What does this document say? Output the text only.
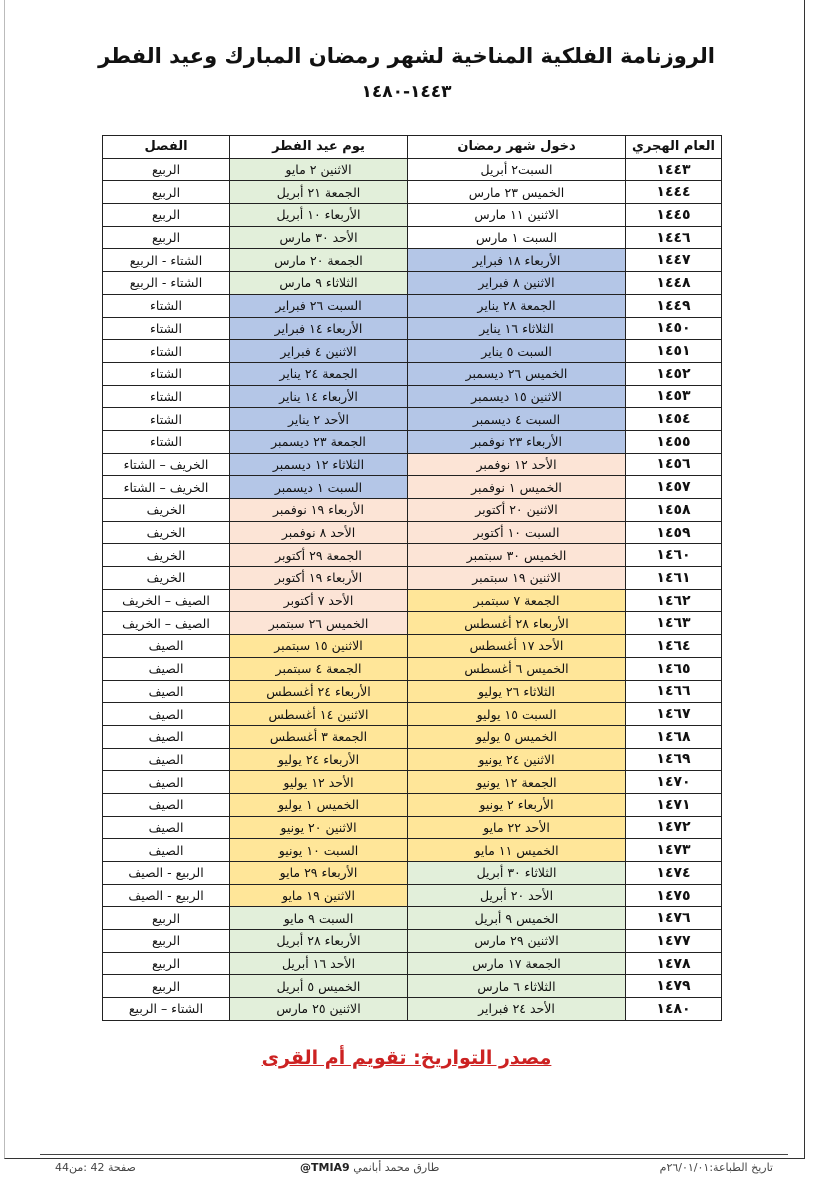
الروزنامة الفلكية المناخية لشهر رمضان المبارك وعيد الفطر
١٤٤٣-١٤٨٠
العام الهجري	دخول شهر رمضان	يوم عيد الفطر	الفصل
١٤٤٣	السبت٢ أبريل	الاثنين ٢ مايو	الربيع
١٤٤٤	الخميس ٢٣ مارس	الجمعة ٢١ أبريل	الربيع
١٤٤٥	الاثنين ١١ مارس	الأربعاء ١٠ أبريل	الربيع
١٤٤٦	السبت ١ مارس	الأحد ٣٠ مارس	الربيع
١٤٤٧	الأربعاء ١٨ فبراير	الجمعة ٢٠ مارس	الشتاء - الربيع
١٤٤٨	الاثنين ٨ فبراير	الثلاثاء ٩ مارس	الشتاء - الربيع
١٤٤٩	الجمعة ٢٨ يناير	السبت ٢٦ فبراير	الشتاء
١٤٥٠	الثلاثاء ١٦ يناير	الأربعاء ١٤ فبراير	الشتاء
١٤٥١	السبت ٥ يناير	الاثنين ٤ فبراير	الشتاء
١٤٥٢	الخميس ٢٦ ديسمبر	الجمعة ٢٤ يناير	الشتاء
١٤٥٣	الاثنين ١٥ ديسمبر	الأربعاء ١٤ يناير	الشتاء
١٤٥٤	السبت ٤ ديسمبر	الأحد ٢ يناير	الشتاء
١٤٥٥	الأربعاء ٢٣ نوفمبر	الجمعة ٢٣ ديسمبر	الشتاء
١٤٥٦	الأحد ١٢ نوفمبر	الثلاثاء ١٢ ديسمبر	الخريف – الشتاء
١٤٥٧	الخميس ١ نوفمبر	السبت ١ ديسمبر	الخريف – الشتاء
١٤٥٨	الاثنين ٢٠ أكتوبر	الأربعاء ١٩ نوفمبر	الخريف
١٤٥٩	السبت ١٠ أكتوبر	الأحد ٨ نوفمبر	الخريف
١٤٦٠	الخميس ٣٠ سبتمبر	الجمعة ٢٩ أكتوبر	الخريف
١٤٦١	الاثنين ١٩ سبتمبر	الأربعاء ١٩ أكتوبر	الخريف
١٤٦٢	الجمعة ٧ سبتمبر	الأحد ٧ أكتوبر	الصيف – الخريف
١٤٦٣	الأربعاء ٢٨ أغسطس	الخميس ٢٦ سبتمبر	الصيف – الخريف
١٤٦٤	الأحد ١٧ أغسطس	الاثنين ١٥ سبتمبر	الصيف
١٤٦٥	الخميس ٦ أغسطس	الجمعة ٤ سبتمبر	الصيف
١٤٦٦	الثلاثاء ٢٦ يوليو	الأربعاء ٢٤ أغسطس	الصيف
١٤٦٧	السبت ١٥ يوليو	الاثنين ١٤ أغسطس	الصيف
١٤٦٨	الخميس ٥ يوليو	الجمعة ٣ أغسطس	الصيف
١٤٦٩	الاثنين ٢٤ يونيو	الأربعاء ٢٤ يوليو	الصيف
١٤٧٠	الجمعة ١٢ يونيو	الأحد ١٢ يوليو	الصيف
١٤٧١	الأربعاء ٢ يونيو	الخميس ١ يوليو	الصيف
١٤٧٢	الأحد ٢٢ مايو	الاثنين ٢٠ يونيو	الصيف
١٤٧٣	الخميس ١١ مايو	السبت ١٠ يونيو	الصيف
١٤٧٤	الثلاثاء ٣٠ أبريل	الأربعاء ٢٩ مايو	الربيع - الصيف
١٤٧٥	الأحد ٢٠ أبريل	الاثنين ١٩ مايو	الربيع - الصيف
١٤٧٦	الخميس ٩ أبريل	السبت ٩ مايو	الربيع
١٤٧٧	الاثنين ٢٩ مارس	الأربعاء ٢٨ أبريل	الربيع
١٤٧٨	الجمعة ١٧ مارس	الأحد ١٦ أبريل	الربيع
١٤٧٩	الثلاثاء ٦ مارس	الخميس ٥ أبريل	الربيع
١٤٨٠	الأحد ٢٤ فبراير	الاثنين ٢٥ مارس	الشتاء – الربيع
مصدر التواريخ: تقويم أم القرى
تاريخ الطباعة:٢٦/٠١/٠١م
@TMIA9 طارق محمد أبانمي
صفحة 42 :من44
